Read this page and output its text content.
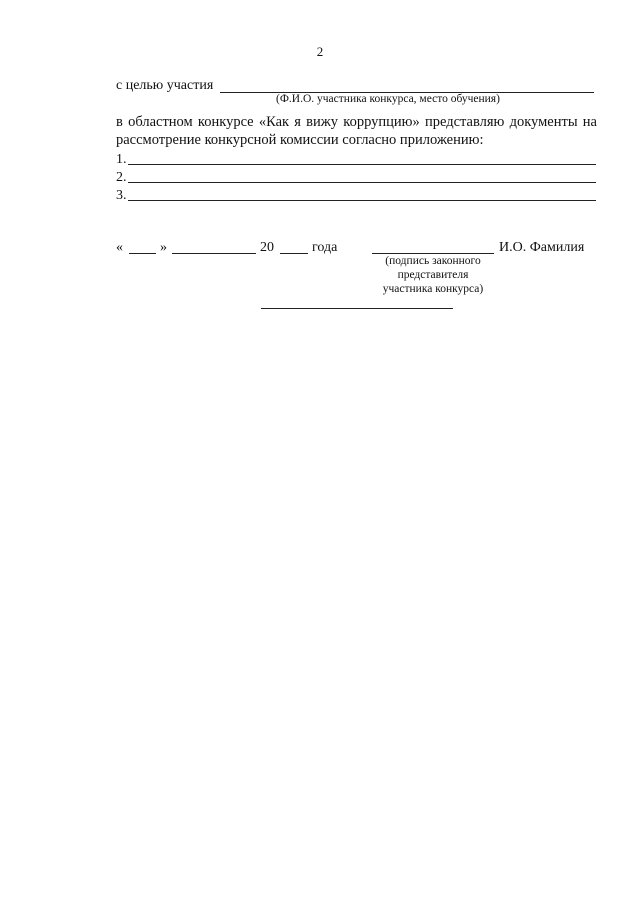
2
с целью участия
(Ф.И.О. участника конкурса, место обучения)
в областном конкурсе «Как я вижу коррупцию» представляю документы на
рассмотрение конкурсной комиссии согласно приложению:
1.
2.
3.
«	»	20	года
(подпись законного представителя участника конкурса)
И.О. Фамилия
